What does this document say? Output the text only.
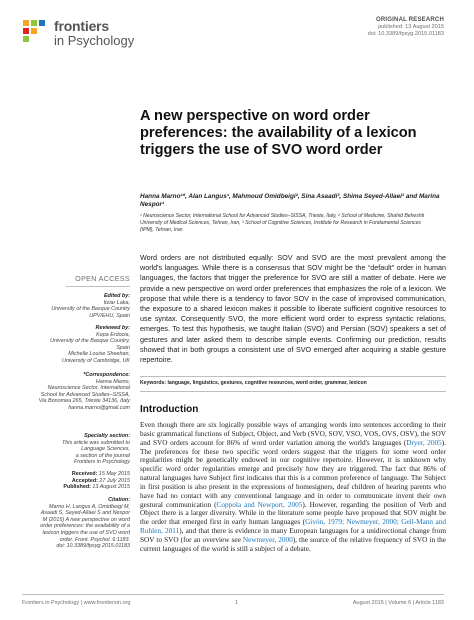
frontiers
in Psychology
ORIGINAL RESEARCH
published: 13 August 2015
doi: 10.3389/fpsyg.2015.01183
A new perspective on word order preferences: the availability of a lexicon triggers the use of SVO word order
Hanna Marno¹*, Alan Langus¹, Mahmoud Omidbeigi², Sina Asaadi³, Shima Seyed-Allaei³ and Marina Nespor¹
¹ Neuroscience Sector, International School for Advanced Studies–SISSA, Trieste, Italy, ² School of Medicine, Shahid Beheshti
University of Medical Sciences, Tehran, Iran, ³ School of Cognitive Sciences, Institute for Research in Fundamental Sciences
(IPM), Tehran, Iran
Word orders are not distributed equally: SOV and SVO are the most prevalent among the world's languages. While there is a consensus that SOV might be the “default” order in human languages, the factors that trigger the preference for SVO are still a matter of debate. Here we provide a new perspective on word order preferences that emphasizes the role of a lexicon. We propose that while there is a tendency to favor SOV in the case of improvised communication, the exposure to a shared lexicon makes it possible to liberate sufficient cognitive resources to use syntax. Consequently SVO, the more efficient word order to express syntactic relations, emerges. To test this hypothesis, we taught Italian (SVO) and Persian (SOV) speakers a set of gestures and later asked them to describe simple events. Confirming our prediction, results showed that in both groups a consistent use of SVO emerged after acquiring a stable gesture repertoire.
Keywords: language, linguistics, gestures, cognitive resources, word order, grammar, lexicon
Introduction
Even though there are six logically possible ways of arranging words into sentences according to their basic grammatical functions of Subject, Object, and Verb (SVO, SOV, VSO, VOS, OVS, OSV), the SOV and SVO orders account for 86% of word order variation among the world's languages (Dryer, 2005). The preferences for these two specific word orders suggest that the triggers for some word order regularities might be genetically endowed in our cognitive repertoire. However, it is unknown why specific word order regularities emerge and precisely how they are triggered. The fact that 86% of natural languages have Subject first indicates that this is a common preference of language. The Subject in first position is also present in the expressions of homesigners, deaf children of hearing parents who have had no contact with any conventional language and in order to communicate invent their own gestural communication (Coppola and Newport, 2005). However, regarding the position of Verb and Object there is a larger diversity. While in the literature some people have proposed that SOV might be the order that emerged first in early human languages (Givón, 1979; Newmeyer, 2000; Gell-Mann and Ruhlen, 2011), and that there is evidence in many European languages for a unidirectional change from SOV to SVO (for an overview see Newmeyer, 2000), the source of the relative frequency of SVO in the current languages of the world is still a subject of a debate.
OPEN ACCESS
Edited by:
Itziar Laka,
University of the Basque Country
UPV/EHU, Spain
Reviewed by:
Kepa Erdocia,
University of the Basque Country,
Spain
Michelle Louise Sheehan,
University of Cambridge, UK
*Correspondence:
Hanna Marno,
Neuroscience Sector, International
School for Advanced Studies–SISSA,
Via Bonomea 265, Trieste 34136, Italy
hanna.marno@gmail.com
Specialty section:
This article was submitted to
Language Sciences,
a section of the journal
Frontiers in Psychology
Received: 15 May 2015
Accepted: 27 July 2015
Published: 13 August 2015
Citation:
Marno H, Langus A, Omidbeigi M,
Asaadi S, Seyed-Allaei S and Nespor
M (2015) A new perspective on word
order preferences: the availability of a
lexicon triggers the use of SVO word
order. Front. Psychol. 6:1183.
doi: 10.3389/fpsyg.2015.01183
Frontiers in Psychology | www.frontiersin.org	1	August 2015 | Volume 6 | Article 1183
